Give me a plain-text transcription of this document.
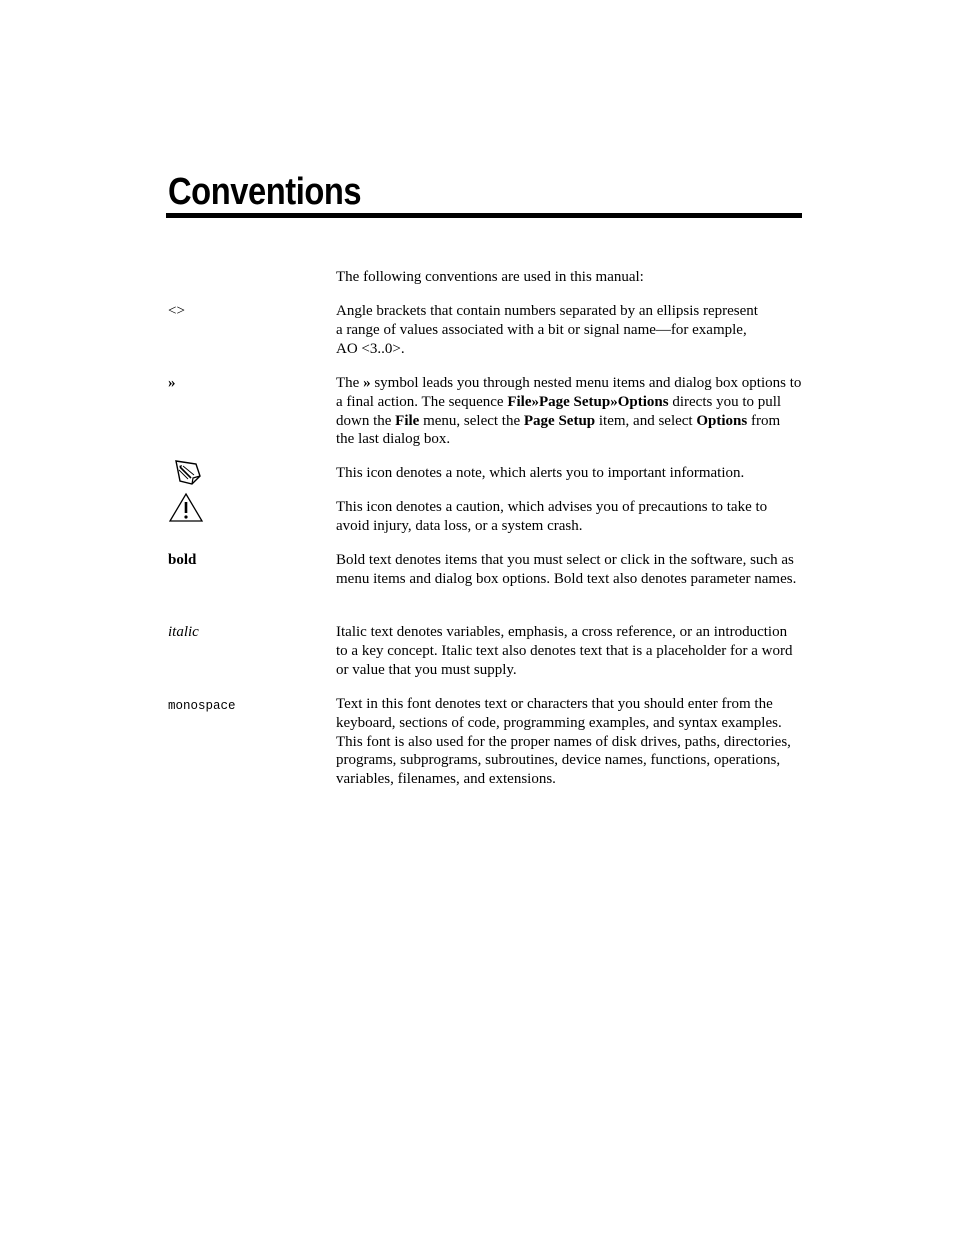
Conventions

The following conventions are used in this manual:

<>	Angle brackets that contain numbers separated by an ellipsis represent
a range of values associated with a bit or signal name—for example,
AO <3..0>.

»	The » symbol leads you through nested menu items and dialog box options to a final action. The sequence File»Page Setup»Options directs you to pull down the File menu, select the Page Setup item, and select Options from the last dialog box.

This icon denotes a note, which alerts you to important information.

This icon denotes a caution, which advises you of precautions to take to avoid injury, data loss, or a system crash.

bold	Bold text denotes items that you must select or click in the software, such as menu items and dialog box options. Bold text also denotes parameter names.

italic	Italic text denotes variables, emphasis, a cross reference, or an introduction to a key concept. Italic text also denotes text that is a placeholder for a word or value that you must supply.

monospace	Text in this font denotes text or characters that you should enter from the keyboard, sections of code, programming examples, and syntax examples. This font is also used for the proper names of disk drives, paths, directories, programs, subprograms, subroutines, device names, functions, operations, variables, filenames, and extensions.
